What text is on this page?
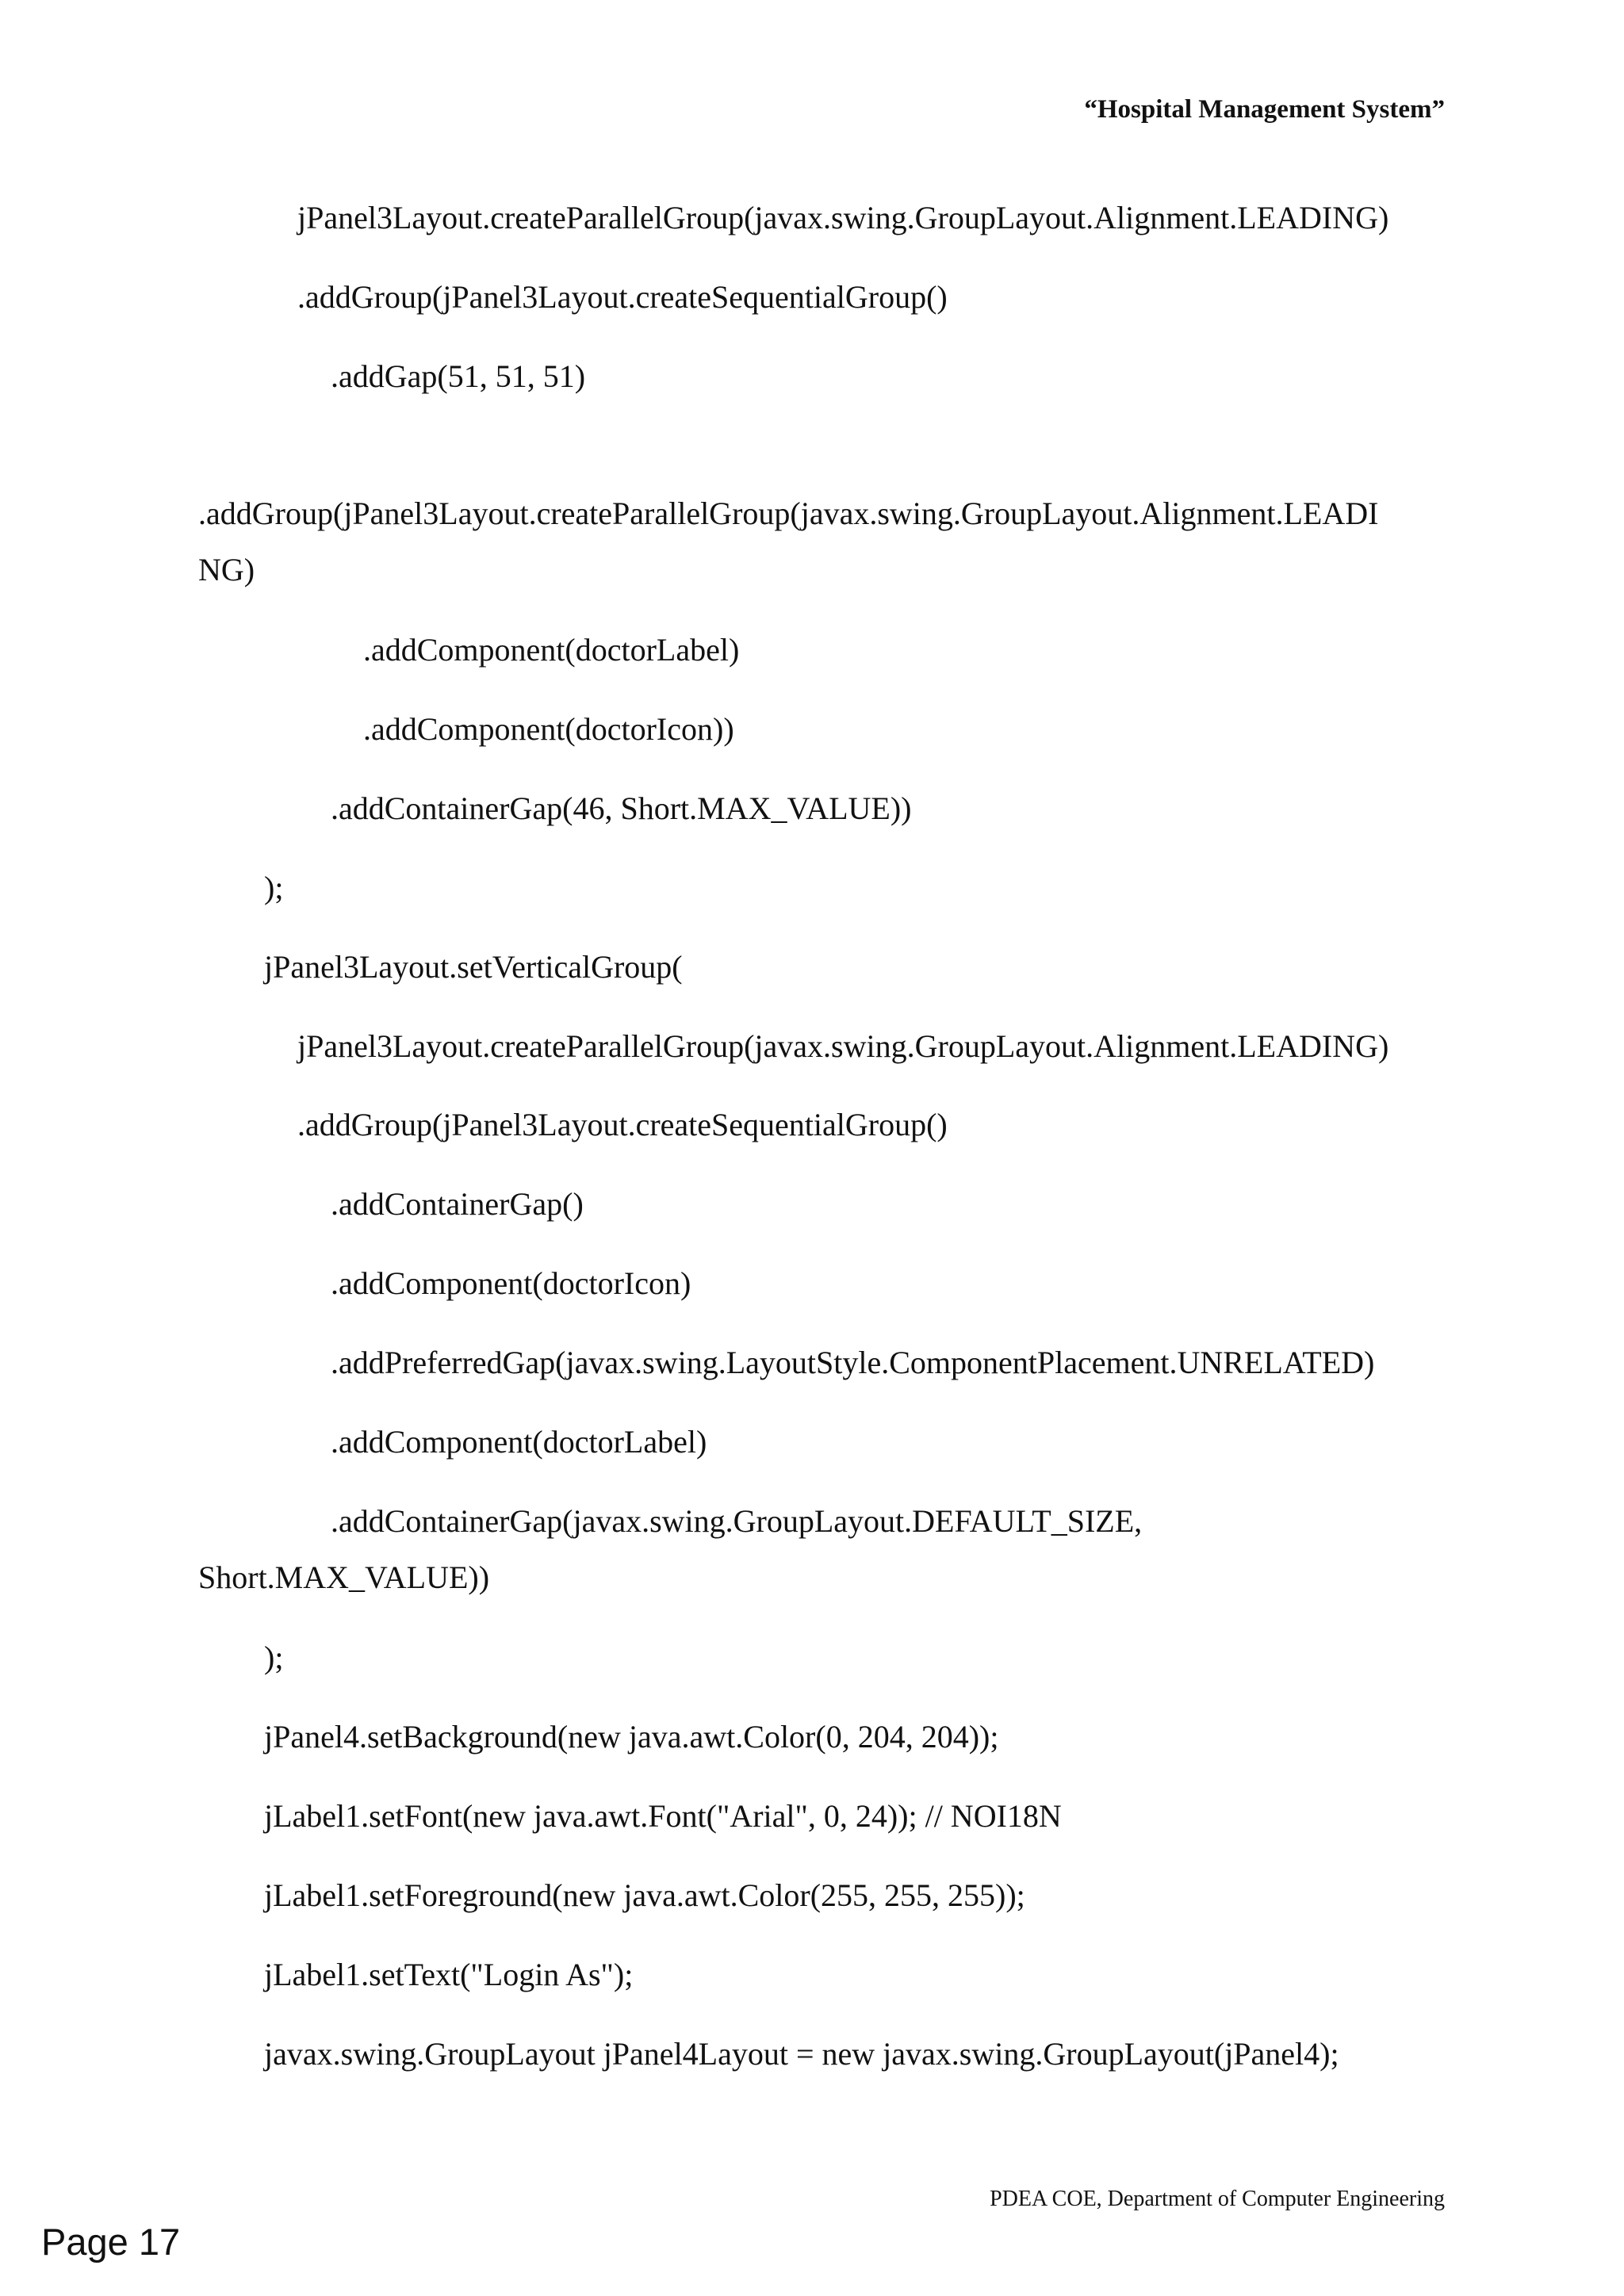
“Hospital Management System”
jPanel3Layout.createParallelGroup(javax.swing.GroupLayout.Alignment.LEADING)
.addGroup(jPanel3Layout.createSequentialGroup()
.addGap(51, 51, 51)
.addGroup(jPanel3Layout.createParallelGroup(javax.swing.GroupLayout.Alignment.LEADI
NG)
.addComponent(doctorLabel)
.addComponent(doctorIcon))
.addContainerGap(46, Short.MAX_VALUE))
);
jPanel3Layout.setVerticalGroup(
jPanel3Layout.createParallelGroup(javax.swing.GroupLayout.Alignment.LEADING)
.addGroup(jPanel3Layout.createSequentialGroup()
.addContainerGap()
.addComponent(doctorIcon)
.addPreferredGap(javax.swing.LayoutStyle.ComponentPlacement.UNRELATED)
.addComponent(doctorLabel)
.addContainerGap(javax.swing.GroupLayout.DEFAULT_SIZE,
Short.MAX_VALUE))
);
jPanel4.setBackground(new java.awt.Color(0, 204, 204));
jLabel1.setFont(new java.awt.Font("Arial", 0, 24)); // NOI18N
jLabel1.setForeground(new java.awt.Color(255, 255, 255));
jLabel1.setText("Login As");
javax.swing.GroupLayout jPanel4Layout = new javax.swing.GroupLayout(jPanel4);
PDEA COE, Department of Computer Engineering
Page 17
